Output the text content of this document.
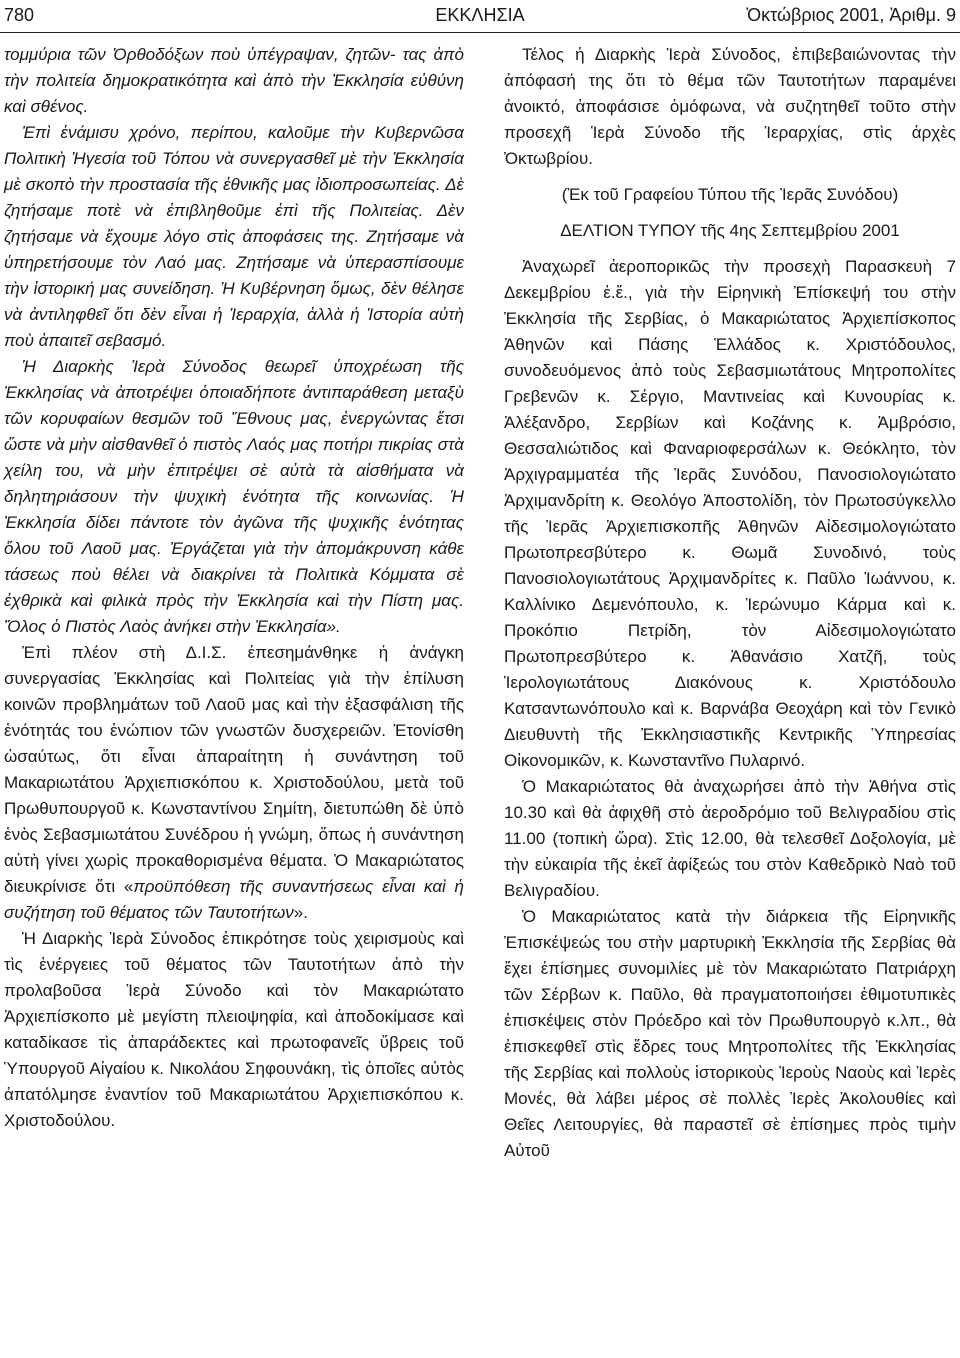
780	ΕΚΚΛΗΣΙΑ	Ὀκτώβριος 2001, Ἀριθμ. 9

τομμύρια τῶν Ὀρθοδόξων ποὺ ὑπέγραψαν, ζητῶν- τας ἀπὸ τὴν πολιτεία δημοκρατικότητα καὶ ἀπὸ τὴν Ἐκκλησία εὐθύνη καὶ σθένος.

Ἐπὶ ἑνάμισυ χρόνο, περίπου, καλοῦμε τὴν Κυβερνῶσα Πολιτικὴ Ἡγεσία τοῦ Τόπου νὰ συνεργασθεῖ μὲ τὴν Ἐκκλησία μὲ σκοπὸ τὴν προστασία τῆς ἐθνικῆς μας ἰδιοπροσωπείας. Δὲ ζητήσαμε ποτὲ νὰ ἐπιβληθοῦμε ἐπὶ τῆς Πολιτείας. Δὲν ζητήσαμε νὰ ἔχουμε λόγο στὶς ἀποφάσεις της. Ζητήσαμε νὰ ὑπηρετήσουμε τὸν Λαό μας. Ζητήσαμε νὰ ὑπερασπίσουμε τὴν ἱστορική μας συνείδηση. Ἡ Κυβέρνηση ὅμως, δὲν θέλησε νὰ ἀντιληφθεῖ ὅτι δὲν εἶναι ἡ Ἱεραρχία, ἀλλὰ ἡ Ἱστορία αὐτὴ ποὺ ἀπαιτεῖ σεβασμό.

Ἡ Διαρκὴς Ἱερὰ Σύνοδος θεωρεῖ ὑποχρέωση τῆς Ἐκκλησίας νὰ ἀποτρέψει ὁποιαδήποτε ἀντιπαράθεση μεταξὺ τῶν κορυφαίων θεσμῶν τοῦ Ἔθνους μας, ἐνεργώντας ἔτσι ὥστε νὰ μὴν αἰσθανθεῖ ὁ πιστὸς Λαός μας ποτήρι πικρίας στὰ χείλη του, νὰ μὴν ἐπιτρέψει σὲ αὐτὰ τὰ αἰσθήματα νὰ δηλητηριάσουν τὴν ψυχικὴ ἑνότητα τῆς κοινωνίας. Ἡ Ἐκκλησία δίδει πάντοτε τὸν ἀγῶνα τῆς ψυχικῆς ἑνότητας ὅλου τοῦ Λαοῦ μας. Ἐργάζεται γιὰ τὴν ἀπομάκρυνση κάθε τάσεως ποὺ θέλει νὰ διακρίνει τὰ Πολιτικὰ Κόμματα σὲ ἐχθρικὰ καὶ φιλικὰ πρὸς τὴν Ἐκκλησία καὶ τὴν Πίστη μας. Ὅλος ὁ Πιστὸς Λαὸς ἀνήκει στὴν Ἐκκλησία».

Ἐπὶ πλέον στὴ Δ.Ι.Σ. ἐπεσημάνθηκε ἡ ἀνάγκη συνεργασίας Ἐκκλησίας καὶ Πολιτείας γιὰ τὴν ἐπίλυση κοινῶν προβλημάτων τοῦ Λαοῦ μας καὶ τὴν ἐξασφάλιση τῆς ἑνότητάς του ἐνώπιον τῶν γνωστῶν δυσχερειῶν. Ἐτονίσθη ὡσαύτως, ὅτι εἶναι ἀπαραίτητη ἡ συνάντηση τοῦ Μακαριωτάτου Ἀρχιεπισκόπου κ. Χριστοδούλου, μετὰ τοῦ Πρωθυπουργοῦ κ. Κωνσταντίνου Σημίτη, διετυπώθη δὲ ὑπὸ ἑνὸς Σεβασμιωτάτου Συνέδρου ἡ γνώμη, ὅπως ἡ συνάντηση αὐτὴ γίνει χωρὶς προκαθορισμένα θέματα. Ὁ Μακαριώτατος διευκρίνισε ὅτι «προϋπόθεση τῆς συναντήσεως εἶναι καὶ ἡ συζήτηση τοῦ θέματος τῶν Ταυτοτήτων».

Ἡ Διαρκὴς Ἱερὰ Σύνοδος ἐπικρότησε τοὺς χειρισμοὺς καὶ τὶς ἐνέργειες τοῦ θέματος τῶν Ταυτοτήτων ἀπὸ τὴν προλαβοῦσα Ἱερὰ Σύνοδο καὶ τὸν Μακαριώτατο Ἀρχιεπίσκοπο μὲ μεγίστη πλειοψηφία, καὶ ἀποδοκίμασε καὶ καταδίκασε τὶς ἀπαράδεκτες καὶ πρωτοφανεῖς ὕβρεις τοῦ Ὑπουργοῦ Αἰγαίου κ. Νικολάου Σηφουνάκη, τὶς ὁποῖες αὐτὸς ἀπατόλμησε ἐναντίον τοῦ Μακαριωτάτου Ἀρχιεπισκόπου κ. Χριστοδούλου.

Τέλος ἡ Διαρκὴς Ἱερὰ Σύνοδος, ἐπιβεβαιώνοντας τὴν ἀπόφασή της ὅτι τὸ θέμα τῶν Ταυτοτήτων παραμένει ἀνοικτό, ἀποφάσισε ὁμόφωνα, νὰ συζητηθεῖ τοῦτο στὴν προσεχῆ Ἱερὰ Σύνοδο τῆς Ἱεραρχίας, στὶς ἀρχὲς Ὀκτωβρίου.

(Ἐκ τοῦ Γραφείου Τύπου τῆς Ἱερᾶς Συνόδου)

ΔΕΛΤΙΟΝ ΤΥΠΟΥ τῆς 4ης Σεπτεμβρίου 2001

Ἀναχωρεῖ ἀεροπορικῶς τὴν προσεχὴ Παρασκευὴ 7 Δεκεμβρίου ἐ.ἔ., γιὰ τὴν Εἰρηνικὴ Ἐπίσκεψή του στὴν Ἐκκλησία τῆς Σερβίας, ὁ Μακαριώτατος Ἀρχιεπίσκοπος Ἀθηνῶν καὶ Πάσης Ἑλλάδος κ. Χριστόδουλος, συνοδευόμενος ἀπὸ τοὺς Σεβασμιωτάτους Μητροπολίτες Γρεβενῶν κ. Σέργιο, Μαντινείας καὶ Κυνουρίας κ. Ἀλέξανδρο, Σερβίων καὶ Κοζάνης κ. Ἀμβρόσιο, Θεσσαλιώτιδος καὶ Φαναριοφερσάλων κ. Θεόκλητο, τὸν Ἀρχιγραμματέα τῆς Ἱερᾶς Συνόδου, Πανοσιολογιώτατο Ἀρχιμανδρίτη κ. Θεολόγο Ἀποστολίδη, τὸν Πρωτοσύγκελλο τῆς Ἱερᾶς Ἀρχιεπισκοπῆς Ἀθηνῶν Αἰδεσιμολογιώτατο Πρωτοπρεσβύτερο κ. Θωμᾶ Συνοδινό, τοὺς Πανοσιολογιωτάτους Ἀρχιμανδρίτες κ. Παῦλο Ἰωάννου, κ. Καλλίνικο Δεμενόπουλο, κ. Ἱερώνυμο Κάρμα καὶ κ. Προκόπιο Πετρίδη, τὸν Αἰδεσιμολογιώτατο Πρωτοπρεσβύτερο κ. Ἀθανάσιο Χατζῆ, τοὺς Ἱερολογιωτάτους Διακόνους κ. Χριστόδουλο Κατσαντωνόπουλο καὶ κ. Βαρνάβα Θεοχάρη καὶ τὸν Γενικὸ Διευθυντὴ τῆς Ἐκκλησιαστικῆς Κεντρικῆς Ὑπηρεσίας Οἰκονομικῶν, κ. Κωνσταντῖνο Πυλαρινό.

Ὁ Μακαριώτατος θὰ ἀναχωρήσει ἀπὸ τὴν Ἀθήνα στὶς 10.30 καὶ θὰ ἀφιχθῆ στὸ ἀεροδρόμιο τοῦ Βελιγραδίου στὶς 11.00 (τοπικὴ ὥρα). Στὶς 12.00, θὰ τελεσθεῖ Δοξολογία, μὲ τὴν εὐκαιρία τῆς ἐκεῖ ἀφίξεώς του στὸν Καθεδρικὸ Ναὸ τοῦ Βελιγραδίου.

Ὁ Μακαριώτατος κατὰ τὴν διάρκεια τῆς Εἰρηνικῆς Ἐπισκέψεώς του στὴν μαρτυρικὴ Ἐκκλησία τῆς Σερβίας θὰ ἔχει ἐπίσημες συνομιλίες μὲ τὸν Μακαριώτατο Πατριάρχη τῶν Σέρβων κ. Παῦλο, θὰ πραγματοποιήσει ἐθιμοτυπικὲς ἐπισκέψεις στὸν Πρόεδρο καὶ τὸν Πρωθυπουργὸ κ.λπ., θὰ ἐπισκεφθεῖ στὶς ἕδρες τους Μητροπολίτες τῆς Ἐκκλησίας τῆς Σερβίας καὶ πολλοὺς ἱστορικοὺς Ἱεροὺς Ναοὺς καὶ Ἱερὲς Μονές, θὰ λάβει μέρος σὲ πολλὲς Ἱερὲς Ἀκολουθίες καὶ Θεῖες Λειτουργίες, θὰ παραστεῖ σὲ ἐπίσημες πρὸς τιμὴν Αὐτοῦ
